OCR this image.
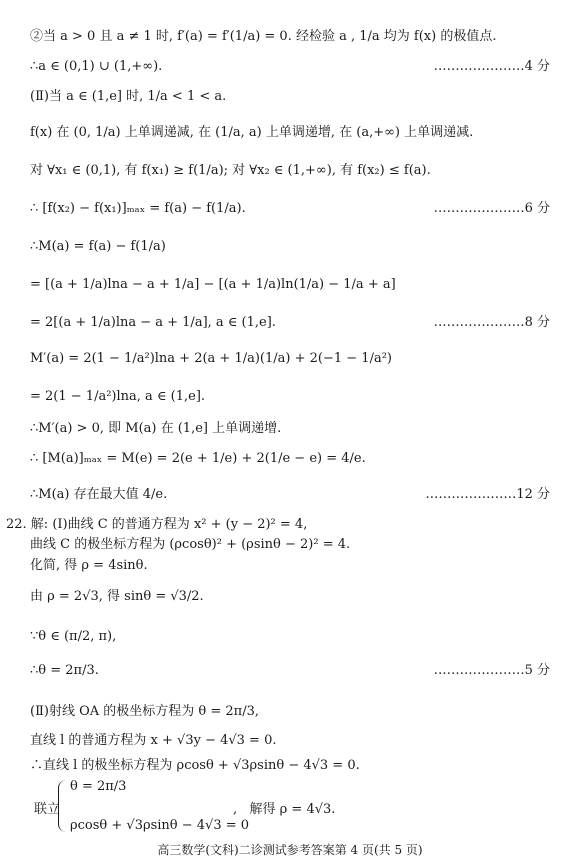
②当 a > 0 且 a ≠ 1 时, f′(a) = f′(1/a) = 0. 经检验 a , 1/a 均为 f(x) 的极值点.
∴a ∈ (0,1) ∪ (1,+∞).	…………………4 分
(Ⅱ)当 a ∈ (1,e] 时, 1/a < 1 < a.
f(x) 在 (0, 1/a) 上单调递减, 在 (1/a, a) 上单调递增, 在 (a,+∞) 上单调递减.
对 ∀x₁ ∈ (0,1), 有 f(x₁) ≥ f(1/a); 对 ∀x₂ ∈ (1,+∞), 有 f(x₂) ≤ f(a).
∴ [f(x₂) − f(x₁)]ₘₐₓ = f(a) − f(1/a).	…………………6 分
∴M(a) = f(a) − f(1/a)
= [(a + 1/a)lna − a + 1/a] − [(a + 1/a)ln(1/a) − 1/a + a]
= 2[(a + 1/a)lna − a + 1/a], a ∈ (1,e].	…………………8 分
M′(a) = 2(1 − 1/a²)lna + 2(a + 1/a)(1/a) + 2(−1 − 1/a²)
= 2(1 − 1/a²)lna, a ∈ (1,e].
∴M′(a) > 0, 即 M(a) 在 (1,e] 上单调递增.
∴ [M(a)]ₘₐₓ = M(e) = 2(e + 1/e) + 2(1/e − e) = 4/e.
∴M(a) 存在最大值 4/e.	…………………12 分
22. 解: (Ⅰ)曲线 C 的普通方程为 x² + (y − 2)² = 4,
曲线 C 的极坐标方程为 (ρcosθ)² + (ρsinθ − 2)² = 4.
化简, 得 ρ = 4sinθ.
由 ρ = 2√3, 得 sinθ = √3/2.
∵θ ∈ (π/2, π),
∴θ = 2π/3.	…………………5 分
(Ⅱ)射线 OA 的极坐标方程为 θ = 2π/3,
直线 l 的普通方程为 x + √3y − 4√3 = 0.
∴直线 l 的极坐标方程为 ρcosθ + √3ρsinθ − 4√3 = 0.
联立
θ = 2π/3
ρcosθ + √3ρsinθ − 4√3 = 0
,   解得 ρ = 4√3.
高三数学(文科)二诊测试参考答案第 4 页(共 5 页)
